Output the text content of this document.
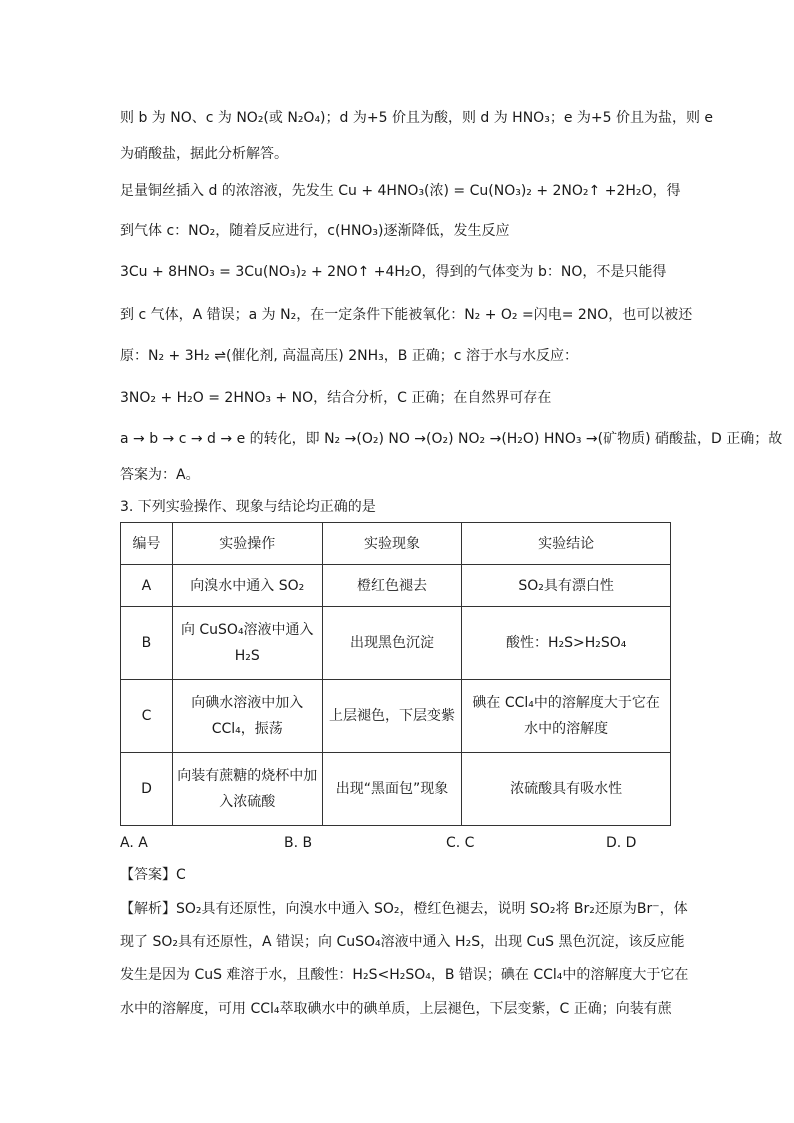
则 b 为 NO、c 为 NO₂(或 N₂O₄)；d 为+5 价且为酸，则 d 为 HNO₃；e 为+5 价且为盐，则 e
为硝酸盐，据此分析解答。
足量铜丝插入 d 的浓溶液，先发生 Cu + 4HNO₃(浓) = Cu(NO₃)₂ + 2NO₂↑ +2H₂O，得
到气体 c：NO₂，随着反应进行，c(HNO₃)逐渐降低，发生反应
3Cu + 8HNO₃ = 3Cu(NO₃)₂ + 2NO↑ +4H₂O，得到的气体变为 b：NO，不是只能得
到 c 气体，A 错误；a 为 N₂，在一定条件下能被氧化：N₂ + O₂ =闪电= 2NO，也可以被还
原：N₂ + 3H₂ ⇌(催化剂, 高温高压) 2NH₃，B 正确；c 溶于水与水反应：
3NO₂ + H₂O = 2HNO₃ + NO，结合分析，C 正确；在自然界可存在
a → b → c → d → e 的转化，即 N₂ →(O₂) NO →(O₂) NO₂ →(H₂O) HNO₃ →(矿物质) 硝酸盐，D 正确；故
答案为：A。
3. 下列实验操作、现象与结论均正确的是
编号	实验操作	实验现象	实验结论
A	向溴水中通入 SO₂	橙红色褪去	SO₂具有漂白性
B	向 CuSO₄溶液中通入 H₂S	出现黑色沉淀	酸性：H₂S>H₂SO₄
C	向碘水溶液中加入 CCl₄，振荡	上层褪色，下层变紫	碘在 CCl₄中的溶解度大于它在水中的溶解度
D	向装有蔗糖的烧杯中加入浓硫酸	出现“黑面包”现象	浓硫酸具有吸水性
A. A	B. B	C. C	D. D
【答案】C
【解析】SO₂具有还原性，向溴水中通入 SO₂，橙红色褪去，说明 SO₂将 Br₂还原为Br⁻，体
现了 SO₂具有还原性，A 错误；向 CuSO₄溶液中通入 H₂S，出现 CuS 黑色沉淀，该反应能
发生是因为 CuS 难溶于水，且酸性：H₂S<H₂SO₄，B 错误；碘在 CCl₄中的溶解度大于它在
水中的溶解度，可用 CCl₄萃取碘水中的碘单质，上层褪色，下层变紫，C 正确；向装有蔗
